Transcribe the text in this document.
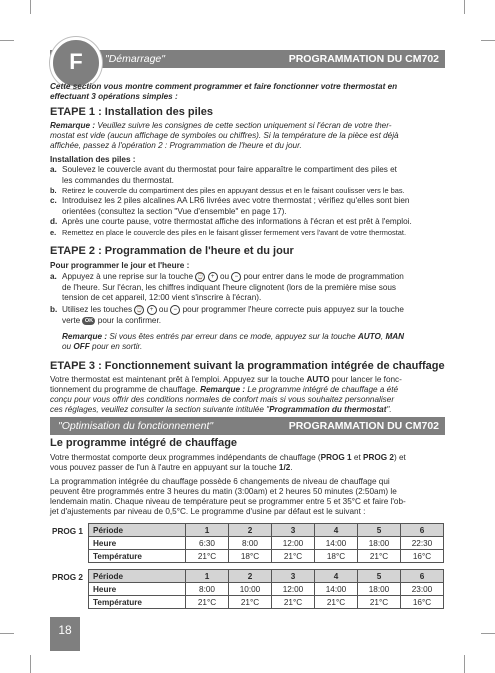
"Démarrage"	PROGRAMMATION DU CM702
F
Cette section vous montre comment programmer et faire fonctionner votre thermostat en
effectuant 3 opérations simples :
ETAPE 1 : Installation des piles
Remarque : Veuillez suivre les consignes de cette section uniquement si l'écran de votre ther-
mostat est vide (aucun affichage de symboles ou chiffres). Si la température de la pièce est déjà
affichée, passez à l'opération 2 : Programmation de l'heure et du jour.
Installation des piles :
a. Soulevez le couvercle avant du thermostat pour faire apparaître le compartiment des piles et
les commandes du thermostat.
b. Retirez le couvercle du compartiment des piles en appuyant dessus et en le faisant coulisser vers le bas.
c. Introduisez les 2 piles alcalines AA LR6 livrées avec votre thermostat ; vérifiez qu'elles sont bien
orientées (consultez la section "Vue d'ensemble" en page 17).
d. Après une courte pause, votre thermostat affiche des informations à l'écran et est prêt à l'emploi.
e. Remettez en place le couvercle des piles en le faisant glisser fermement vers l'avant de votre thermostat.
ETAPE 2 : Programmation de l'heure et du jour
Pour programmer le jour et l'heure :
a. Appuyez à une reprise sur la touche ⌚ + ou − pour entrer dans le mode de programmation
de l'heure. Sur l'écran, les chiffres indiquant l'heure clignotent (lors de la première mise sous
tension de cet appareil, 12:00 vient s'inscrire à l'écran).
b. Utilisez les touches ⌚ + ou − pour programmer l'heure correcte puis appuyez sur la touche
verte OK pour la confirmer.
Remarque : Si vous êtes entrés par erreur dans ce mode, appuyez sur la touche AUTO, MAN
ou OFF pour en sortir.
ETAPE 3 : Fonctionnement suivant la programmation intégrée de chauffage
Votre thermostat est maintenant prêt à l'emploi. Appuyez sur la touche AUTO pour lancer le fonc-
tionnement du programme de chauffage. Remarque : Le programme intégré de chauffage a été
conçu pour vous offrir des conditions normales de confort mais si vous souhaitez personnaliser
ces réglages, veuillez consulter la section suivante intitulée "Programmation du thermostat".
"Optimisation du fonctionnement"	PROGRAMMATION DU CM702
Le programme intégré de chauffage
Votre thermostat comporte deux programmes indépendants de chauffage (PROG 1 et PROG 2) et
vous pouvez passer de l'un à l'autre en appuyant sur la touche 1/2.
La programmation intégrée du chauffage possède 6 changements de niveau de chauffage qui
peuvent être programmés entre 3 heures du matin (3:00am) et 2 heures 50 minutes (2:50am) le
lendemain matin. Chaque niveau de température peut se programmer entre 5 et 35°C et faire l'ob-
jet d'ajustements par niveau de 0,5°C. Le programme d'usine par défaut est le suivant :
PROG 1 Période	1	2	3	4	5	6
Heure	6:30	8:00	12:00	14:00	18:00	22:30
Température	21°C	18°C	21°C	18°C	21°C	16°C
PROG 2 Période	1	2	3	4	5	6
Heure	8:00	10:00	12:00	14:00	18:00	23:00
Température	21°C	21°C	21°C	21°C	21°C	16°C
18
